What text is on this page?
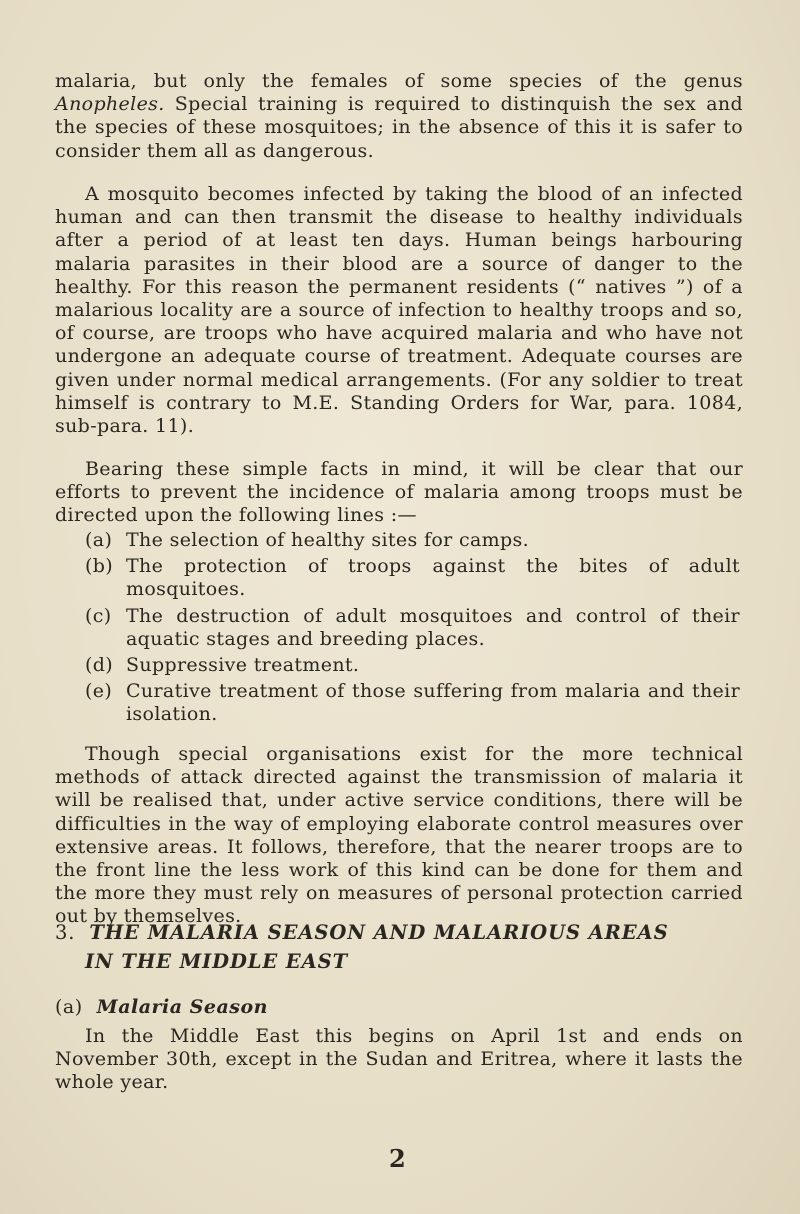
malaria, but only the females of some species of the genus Anopheles. Special training is required to distinquish the sex and the species of these mosquitoes; in the absence of this it is safer to consider them all as dangerous.

A mosquito becomes infected by taking the blood of an infected human and can then transmit the disease to healthy individuals after a period of at least ten days. Human beings harbouring malaria parasites in their blood are a source of danger to the healthy. For this reason the permanent residents (“ natives ”) of a malarious locality are a source of infection to healthy troops and so, of course, are troops who have acquired malaria and who have not undergone an adequate course of treatment. Adequate courses are given under normal medical arrangements. (For any soldier to treat himself is contrary to M.E. Standing Orders for War, para. 1084, sub-para. 11).

Bearing these simple facts in mind, it will be clear that our efforts to prevent the incidence of malaria among troops must be directed upon the following lines :—

(a) The selection of healthy sites for camps.
(b) The protection of troops against the bites of adult mosquitoes.
(c) The destruction of adult mosquitoes and control of their aquatic stages and breeding places.
(d) Suppressive treatment.
(e) Curative treatment of those suffering from malaria and their isolation.

Though special organisations exist for the more technical methods of attack directed against the transmission of malaria it will be realised that, under active service conditions, there will be difficulties in the way of employing elaborate control measures over extensive areas. It follows, therefore, that the nearer troops are to the front line the less work of this kind can be done for them and the more they must rely on measures of personal protection carried out by themselves.

3. THE MALARIA SEASON AND MALARIOUS AREAS
IN THE MIDDLE EAST
(a) Malaria Season

In the Middle East this begins on April 1st and ends on November 30th, except in the Sudan and Eritrea, where it lasts the whole year.

2
